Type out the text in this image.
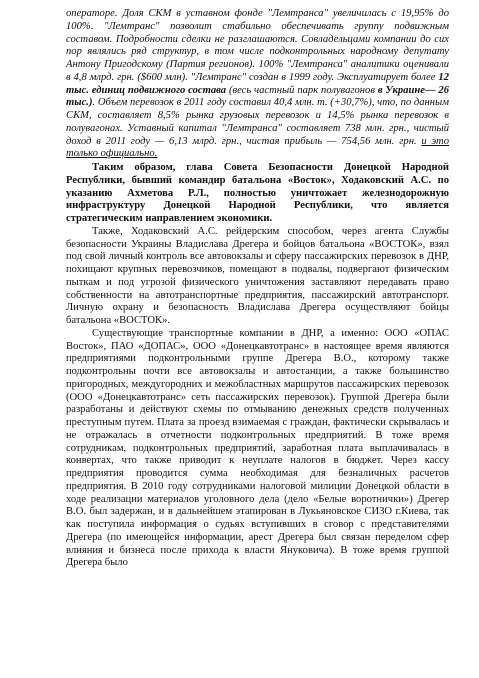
операторе. Доля СКМ в уставном фонде "Лемтранса" увеличилась с 19,95% до 100%. "Лемтранс" позволит стабильно обеспечивать группу подвижным составом. Подробности сделки не разглашаются. Совладельцами компании до сих пор являлись ряд структур, в том числе подконтрольных народному депутату Антону Пригодскому (Партия регионов). 100% "Лемтранса" аналитики оценивали в 4,8 млрд. грн. ($600 млн). "Лемтранс" создан в 1999 году. Эксплуатирует более 12 тыс. единиц подвижного состава (весь частный парк полувагонов в Украине— 26 тыс.). Объем перевозок в 2011 году составил 40,4 млн. т. (+30,7%), что, по данным СКМ, составляет 8,5% рынка грузовых перевозок и 14,5% рынка перевозок в полувагонах. Уставный капитал "Лемтранса" составляет 738 млн. грн., чистый доход в 2011 году — 6,13 млрд. грн., чистая прибыль — 754,56 млн. грн. и это только официально.

Таким образом, глава Совета Безопасности Донецкой Народной Республики, бывший командир батальона «Восток», Ходаковский А.С. по указанию Ахметова Р.Л., полностью уничтожает железнодорожную инфраструктуру Донецкой Народной Республики, что является стратегическим направлением экономики.

Также, Ходаковский А.С. рейдерским способом, через агента Службы безопасности Украины Владислава Дрегера и бойцов батальона «ВОСТОК», взял под свой личный контроль все автовокзалы и сферу пассажирских перевозок в ДНР, похищают крупных перевозчиков, помещают в подвалы, подвергают физическим пыткам и под угрозой физического уничтожения заставляют передавать право собственности на автотранспортные предприятия, пассажирский автотранспорт. Личную охрану и безопасность Владислава Дрегера осуществляют бойцы батальона «ВОСТОК».

Существующие транспортные компании в ДНР, а именно: ООО «ОПАС Восток», ПАО «ДОПАС», ООО «Донецкавтотранс» в настоящее время являются предприятиями подконтрольными группе Дрегера В.О., которому также подконтрольны почти все автовокзалы и автостанции, а также большинство пригородных, междугородних и межобластных маршрутов пассажирских перевозок (ООО «Донецкавтотранс» сеть пассажирских перевозок). Группой Дрегера были разработаны и действуют схемы по отмыванию денежных средств полученных преступным путем. Плата за проезд взимаемая с граждан, фактически скрывалась и не отражалась в отчетности подконтрольных предприятий. В тоже время сотрудникам, подконтрольных предприятий, заработная плата выплачивалась в конвертах, что также приводит к неуплате налогов в бюджет. Через кассу предприятия проводится сумма необходимая для безналичных расчетов предприятия. В 2010 году сотрудниками налоговой милиции Донецкой области в ходе реализации материалов уголовного дела (дело «Белые воротнички») Дрегер В.О. был задержан, и в дальнейшем этапирован в Лукьяновское СИЗО г.Киева, так как поступила информация о судьях вступивших в сговор с представителями Дрегера (по имеющейся информации, арест Дрегера был связан переделом сфер влияния и бизнеса после прихода к власти Януковича). В тоже время группой Дрегера было
